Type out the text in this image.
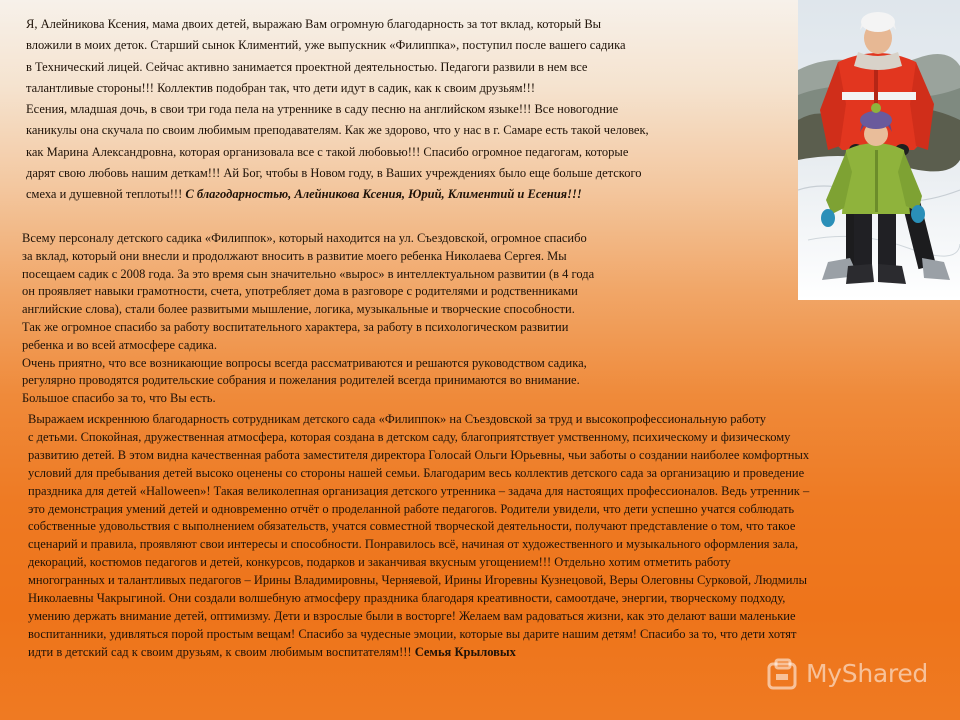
Я, Алейникова Ксения, мама двоих детей, выражаю Вам огромную благодарность за тот вклад, который Вы
вложили в моих деток. Старший сынок Климентий, уже выпускник «Филиппка», поступил после вашего садика
в Технический лицей. Сейчас активно занимается проектной деятельностью. Педагоги развили в нем все
талантливые стороны!!! Коллектив подобран так, что дети идут в садик, как к своим друзьям!!!
Есения, младшая дочь, в свои три года пела на утреннике в саду песню на английском языке!!! Все новогодние
каникулы она скучала по своим любимым преподавателям. Как же здорово, что у нас в г. Самаре есть такой человек,
как Марина Александровна, которая организовала все с такой любовью!!! Спасибо огромное педагогам, которые
дарят свою любовь нашим деткам!!! Ай Бог, чтобы в Новом году, в Ваших учреждениях было еще больше детского
смеха и душевной теплоты!!! С благодарностью, Алейникова Ксения, Юрий, Климентий и Есения!!!
Всему персоналу детского садика «Филиппок», который находится на ул. Съездовской, огромное спасибо
за вклад, который они внесли и продолжают вносить в развитие моего ребенка Николаева Сергея. Мы
посещаем садик с 2008 года. За это время сын значительно «вырос» в интеллектуальном развитии (в 4 года
он проявляет навыки грамотности, счета, употребляет дома в разговоре с родителями и родственниками
английские слова), стали более развитыми мышление, логика, музыкальные и творческие способности.
Так же огромное спасибо за работу воспитательного характера, за работу в психологическом развитии
ребенка и во всей атмосфере садика.
Очень приятно, что все возникающие вопросы всегда рассматриваются и решаются руководством садика,
регулярно проводятся родительские собрания и пожелания родителей всегда принимаются во внимание.
Большое спасибо за то, что Вы есть.
Выражаем искреннюю благодарность сотрудникам детского сада «Филиппок» на Съездовской за труд и высокопрофессиональную работу
с детьми. Спокойная, дружественная атмосфера, которая создана в детском саду, благоприятствует умственному, психическому и физическому
развитию детей. В этом видна качественная работа заместителя директора Голосай Ольги Юрьевны, чьи заботы о создании наиболее комфортных
условий для пребывания детей высоко оценены со стороны нашей семьи. Благодарим весь коллектив детского сада за организацию и проведение
праздника для детей «Halloween»! Такая великолепная организация детского утренника – задача для настоящих профессионалов. Ведь утренник –
это демонстрация умений детей и одновременно отчёт о проделанной работе педагогов. Родители увидели, что дети успешно учатся соблюдать
собственные удовольствия с выполнением обязательств, учатся совместной творческой деятельности, получают представление о том, что такое
сценарий и правила, проявляют свои интересы и способности. Понравилось всё, начиная от художественного и музыкального оформления зала,
декораций, костюмов педагогов и детей, конкурсов, подарков и заканчивая вкусным угощением!!! Отдельно хотим отметить работу
многогранных и талантливых педагогов – Ирины Владимировны, Черняевой, Ирины Игоревны Кузнецовой, Веры Олеговны Сурковой, Людмилы
Николаевны Чакрыгиной. Они создали волшебную атмосферу праздника благодаря креативности, самоотдаче, энергии, творческому подходу,
умению держать внимание детей, оптимизму. Дети и взрослые были в восторге! Желаем вам радоваться жизни, как это делают ваши маленькие
воспитанники, удивляться порой простым вещам! Спасибо за чудесные эмоции, которые вы дарите нашим детям! Спасибо за то, что дети хотят
идти в детский сад к своим друзьям, к своим любимым воспитателям!!! Семья Крыловых
MyShared
